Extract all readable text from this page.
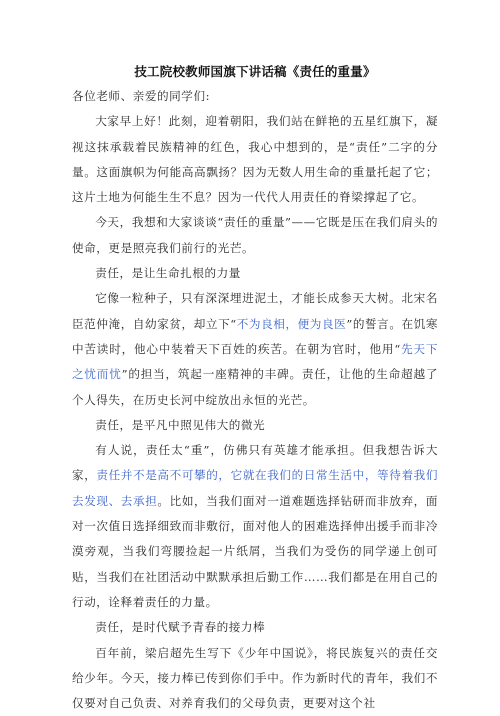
技工院校教师国旗下讲话稿《责任的重量》

各位老师、亲爱的同学们:

大家早上好！此刻，迎着朝阳，我们站在鲜艳的五星红旗下，凝视这抹承载着民族精神的红色，我心中想到的，是“责任”二字的分量。这面旗帜为何能高高飘扬？因为无数人用生命的重量托起了它；这片土地为何能生生不息？因为一代代人用责任的脊梁撑起了它。

今天，我想和大家谈谈“责任的重量”——它既是压在我们肩头的使命，更是照亮我们前行的光芒。

责任，是让生命扎根的力量

它像一粒种子，只有深深埋进泥土，才能长成参天大树。北宋名臣范仲淹，自幼家贫，却立下“不为良相，便为良医”的誓言。在饥寒中苦读时，他心中装着天下百姓的疾苦。在朝为官时，他用“先天下之忧而忧”的担当，筑起一座精神的丰碑。责任，让他的生命超越了个人得失，在历史长河中绽放出永恒的光芒。

责任，是平凡中照见伟大的微光

有人说，责任太“重”，仿佛只有英雄才能承担。但我想告诉大家，责任并不是高不可攀的，它就在我们的日常生活中，等待着我们去发现、去承担。比如，当我们面对一道难题选择钻研而非放弃，面对一次值日选择细致而非敷衍，面对他人的困难选择伸出援手而非冷漠旁观，当我们弯腰捡起一片纸屑，当我们为受伤的同学递上创可贴，当我们在社团活动中默默承担后勤工作……我们都是在用自己的行动，诠释着责任的力量。

责任，是时代赋予青春的接力棒

百年前，梁启超先生写下《少年中国说》，将民族复兴的责任交给少年。今天，接力棒已传到你们手中。作为新时代的青年，我们不仅要对自己负责、对养育我们的父母负责，更要对这个社
